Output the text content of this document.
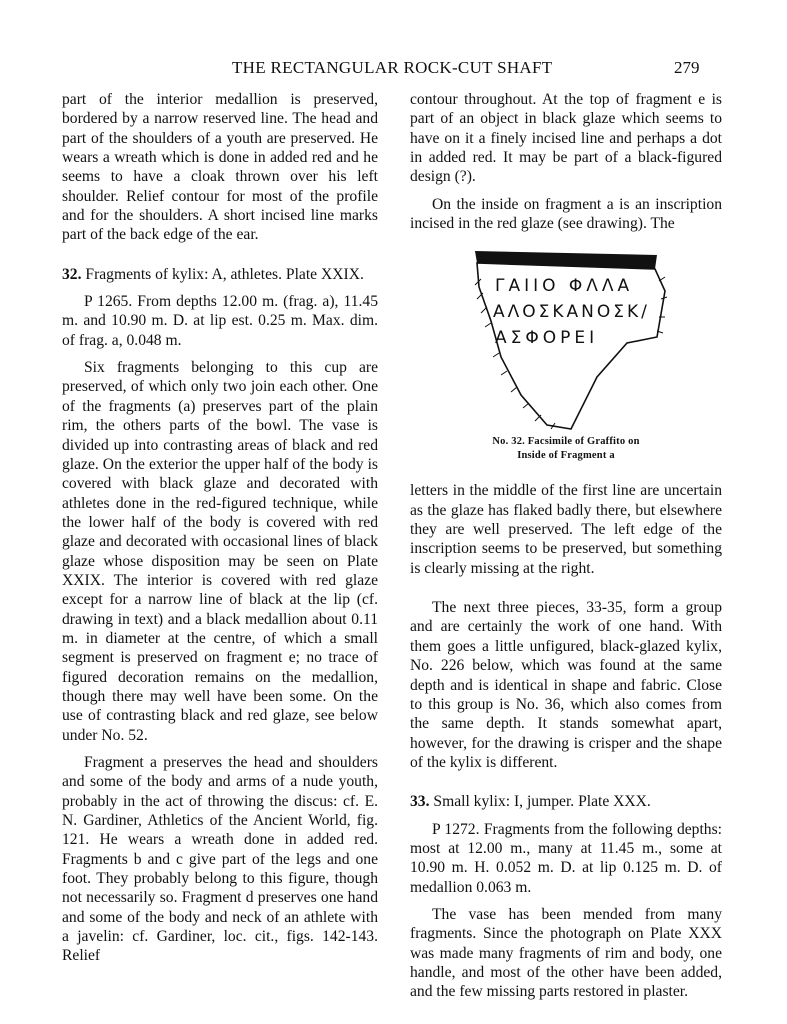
THE RECTANGULAR ROCK-CUT SHAFT	279

part of the interior medallion is preserved, bordered by a narrow reserved line. The head and part of the shoulders of a youth are preserved. He wears a wreath which is done in added red and he seems to have a cloak thrown over his left shoulder. Relief contour for most of the profile and for the shoulders. A short incised line marks part of the back edge of the ear.

32. Fragments of kylix: A, athletes. Plate XXIX.

P 1265. From depths 12.00 m. (frag. a), 11.45 m. and 10.90 m. D. at lip est. 0.25 m. Max. dim. of frag. a, 0.048 m.

Six fragments belonging to this cup are preserved, of which only two join each other. One of the fragments (a) preserves part of the plain rim, the others parts of the bowl. The vase is divided up into contrasting areas of black and red glaze. On the exterior the upper half of the body is covered with black glaze and decorated with athletes done in the red-figured technique, while the lower half of the body is covered with red glaze and decorated with occasional lines of black glaze whose disposition may be seen on Plate XXIX. The interior is covered with red glaze except for a narrow line of black at the lip (cf. drawing in text) and a black medallion about 0.11 m. in diameter at the centre, of which a small segment is preserved on fragment e; no trace of figured decoration remains on the medallion, though there may well have been some. On the use of contrasting black and red glaze, see below under No. 52.

Fragment a preserves the head and shoulders and some of the body and arms of a nude youth, probably in the act of throwing the discus: cf. E. N. Gardiner, Athletics of the Ancient World, fig. 121. He wears a wreath done in added red. Fragments b and c give part of the legs and one foot. They probably belong to this figure, though not necessarily so. Fragment d preserves one hand and some of the body and neck of an athlete with a javelin: cf. Gardiner, loc. cit., figs. 142-143. Relief

contour throughout. At the top of fragment e is part of an object in black glaze which seems to have on it a finely incised line and perhaps a dot in added red. It may be part of a black-figured design (?).

On the inside on fragment a is an inscription incised in the red glaze (see drawing). The

ΓΑΙΙΟ ΦΛΛΑ
ΑΛΟΣΚΑΝΟΣΚ/
ΑΣΦΟΡΕΙ
No. 32. Facsimile of Graffito on
Inside of Fragment a

letters in the middle of the first line are uncertain as the glaze has flaked badly there, but elsewhere they are well preserved. The left edge of the inscription seems to be preserved, but something is clearly missing at the right.

The next three pieces, 33-35, form a group and are certainly the work of one hand. With them goes a little unfigured, black-glazed kylix, No. 226 below, which was found at the same depth and is identical in shape and fabric. Close to this group is No. 36, which also comes from the same depth. It stands somewhat apart, however, for the drawing is crisper and the shape of the kylix is different.

33. Small kylix: I, jumper. Plate XXX.

P 1272. Fragments from the following depths: most at 12.00 m., many at 11.45 m., some at 10.90 m. H. 0.052 m. D. at lip 0.125 m. D. of medallion 0.063 m.

The vase has been mended from many fragments. Since the photograph on Plate XXX was made many fragments of rim and body, one handle, and most of the other have been added, and the few missing parts restored in plaster.
